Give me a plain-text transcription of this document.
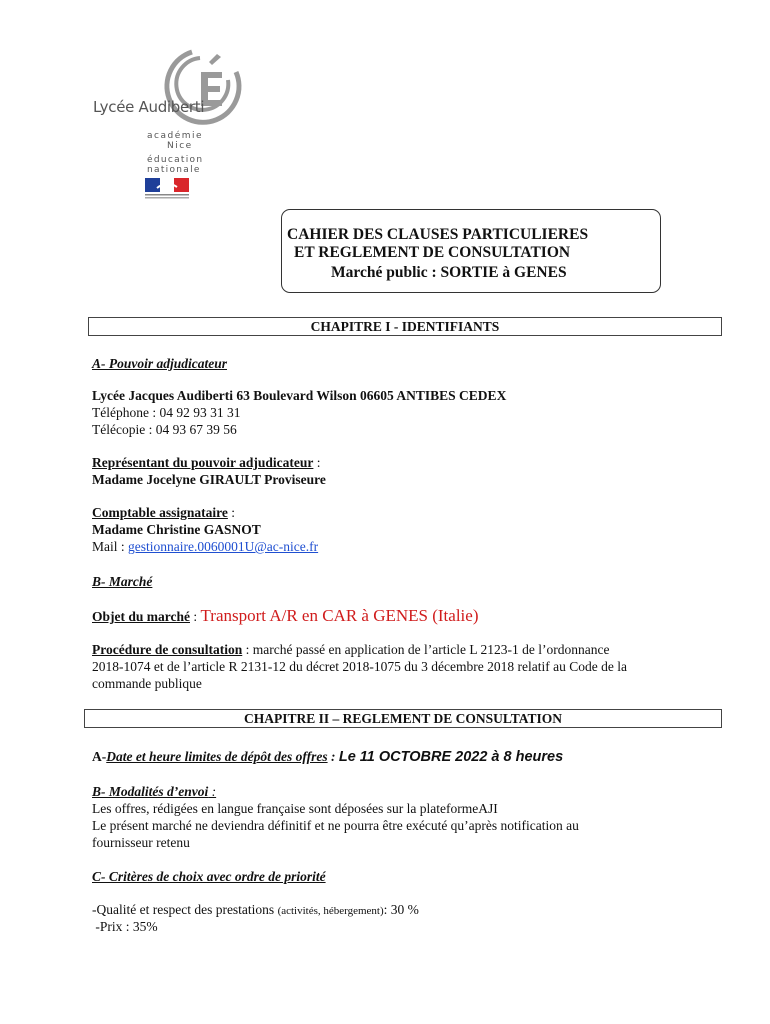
Lycée Audiberti
académie
Nice
éducation
nationale
CAHIER DES CLAUSES PARTICULIERES
ET REGLEMENT DE CONSULTATION
Marché public : SORTIE à GENES
CHAPITRE I - IDENTIFIANTS
A- Pouvoir adjudicateur
Lycée Jacques Audiberti 63 Boulevard Wilson 06605 ANTIBES CEDEX
Téléphone : 04 92 93 31 31
Télécopie : 04 93 67 39 56
Représentant du pouvoir adjudicateur :
Madame Jocelyne GIRAULT Proviseure
Comptable assignataire :
Madame Christine GASNOT
Mail : gestionnaire.0060001U@ac-nice.fr
B- Marché
Objet du marché : Transport A/R en CAR à GENES (Italie)
Procédure de consultation : marché passé en application de l’article L 2123-1 de l’ordonnance
2018-1074 et de l’article R 2131-12 du décret 2018-1075 du 3 décembre 2018 relatif au Code de la
commande publique
CHAPITRE II – REGLEMENT DE CONSULTATION
A-Date et heure limites de dépôt des offres : Le 11 OCTOBRE 2022 à 8 heures
B- Modalités d’envoi :
Les offres, rédigées en langue française sont déposées sur la plateformeAJI
Le présent marché ne deviendra définitif et ne pourra être exécuté qu’après notification au
fournisseur retenu
C- Critères de choix avec ordre de priorité
-Qualité et respect des prestations (activités, hébergement): 30 %
-Prix : 35%
